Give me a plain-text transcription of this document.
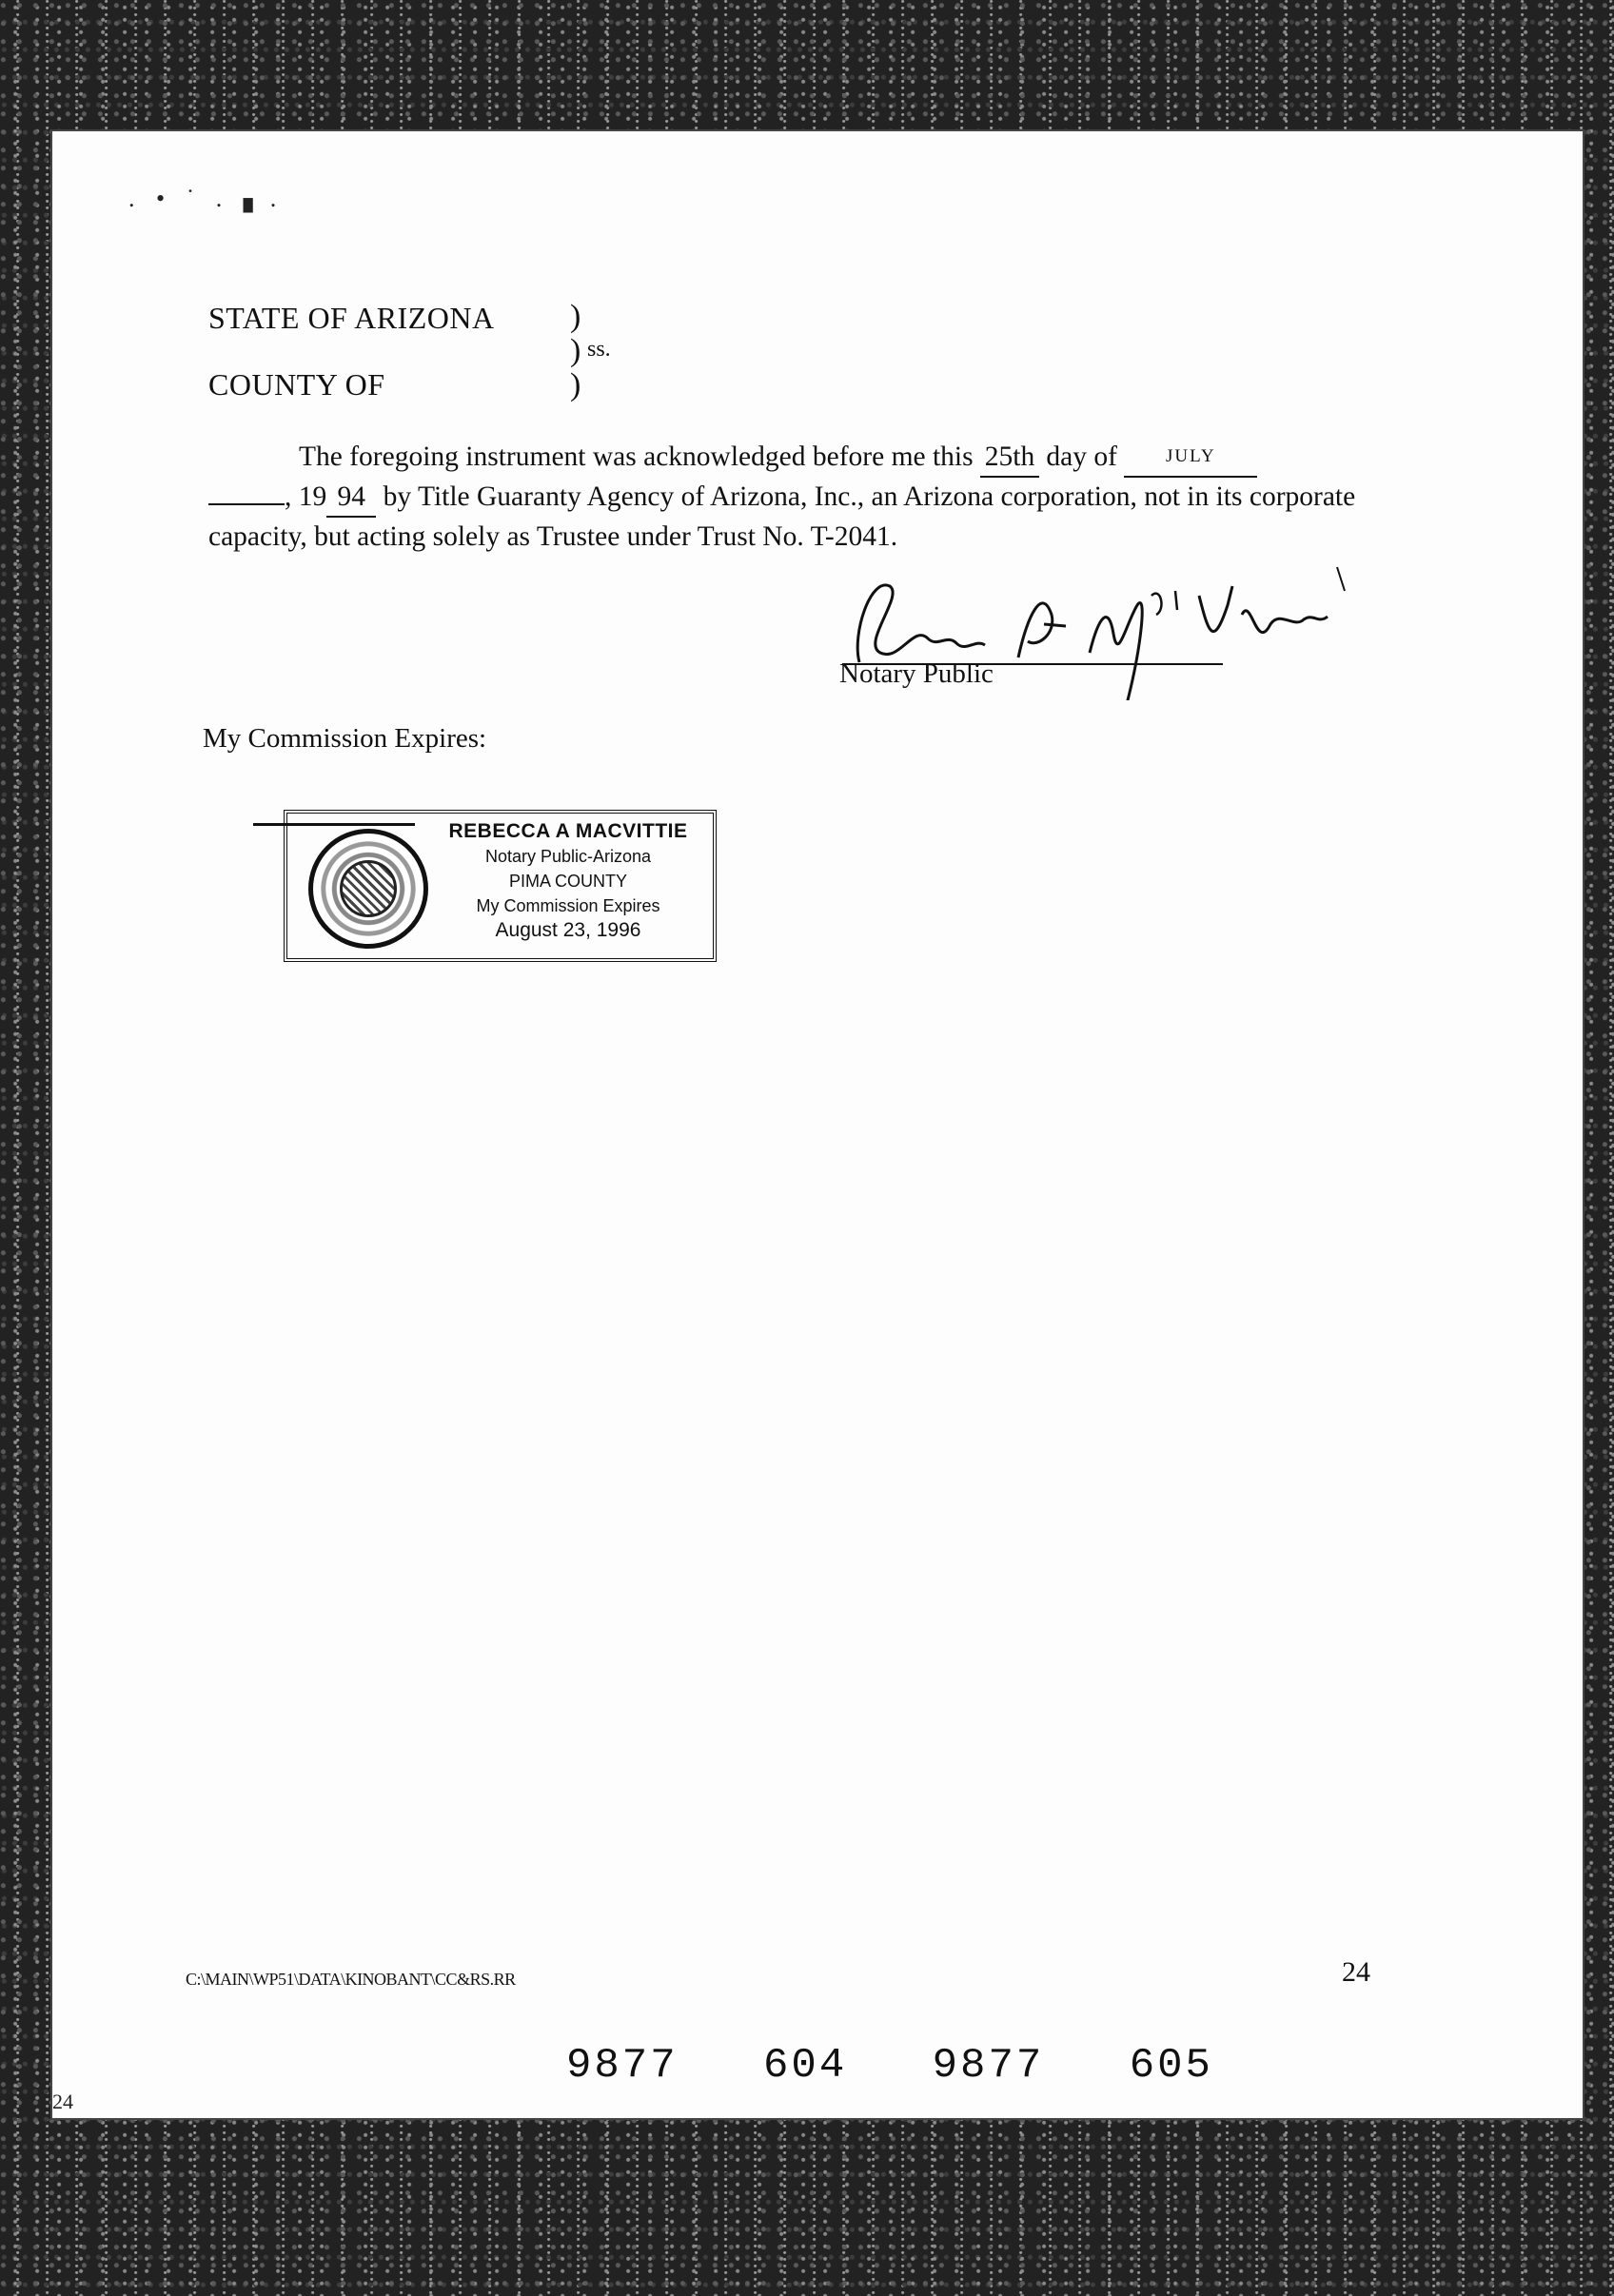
. • ˙ . ▖.
STATE OF ARIZONA )
) ss.
COUNTY OF	)
The foregoing instrument was acknowledged before me this 25th day of	JULY
, 19 94 by Title Guaranty Agency of Arizona, Inc., an Arizona corporation, not in its corporate capacity, but acting solely as Trustee under Trust No. T-2041.
Notary Public
My Commission Expires:
REBECCA A MACVITTIE
Notary Public-Arizona
PIMA COUNTY
My Commission Expires
August 23, 1996
C:\MAIN\WP51\DATA\KINOBANT\CC&RS.RR	24
9877 604 9877 605
24
